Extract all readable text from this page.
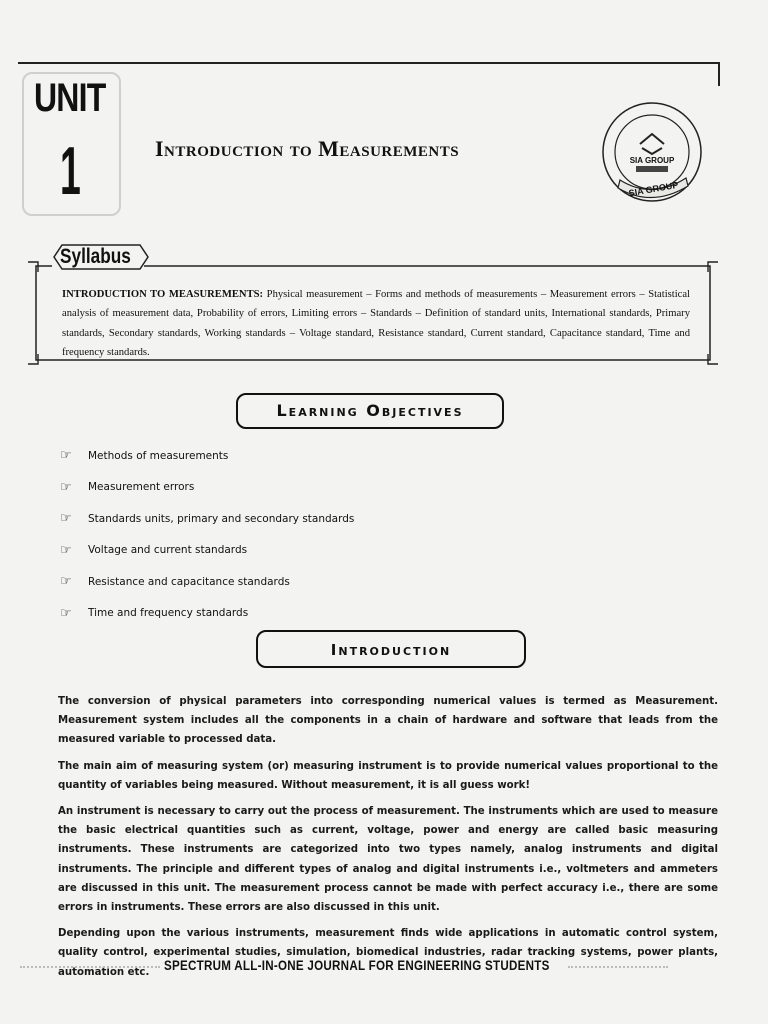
UNIT
1	Introduction to Measurements	SIA GROUP
SIA GROUP
Syllabus
INTRODUCTION TO MEASUREMENTS: Physical measurement – Forms and methods of measurements – Measurement errors – Statistical analysis of measurement data, Probability of errors, Limiting errors – Standards – Definition of standard units, International standards, Primary standards, Secondary standards, Working standards – Voltage standard, Resistance standard, Current standard, Capacitance standard, Time and frequency standards.
Learning Objectives
☞	Methods of measurements
☞	Measurement errors
☞	Standards units, primary and secondary standards
☞	Voltage and current standards
☞	Resistance and capacitance standards
☞	Time and frequency standards
Introduction

The conversion of physical parameters into corresponding numerical values is termed as Measurement. Measurement system includes all the components in a chain of hardware and software that leads from the measured variable to processed data.

The main aim of measuring system (or) measuring instrument is to provide numerical values proportional to the quantity of variables being measured. Without measurement, it is all guess work!

An instrument is necessary to carry out the process of measurement. The instruments which are used to measure the basic electrical quantities such as current, voltage, power and energy are called basic measuring instruments. These instruments are categorized into two types namely, analog instruments and digital instruments. The principle and different types of analog and digital instruments i.e., voltmeters and ammeters are discussed in this unit. The measurement process cannot be made with perfect accuracy i.e., there are some errors in instruments. These errors are also discussed in this unit.

Depending upon the various instruments, measurement finds wide applications in automatic control system, quality control, experimental studies, simulation, biomedical industries, radar tracking systems, power plants, automation etc.	SPECTRUM ALL-IN-ONE JOURNAL FOR ENGINEERING STUDENTS
